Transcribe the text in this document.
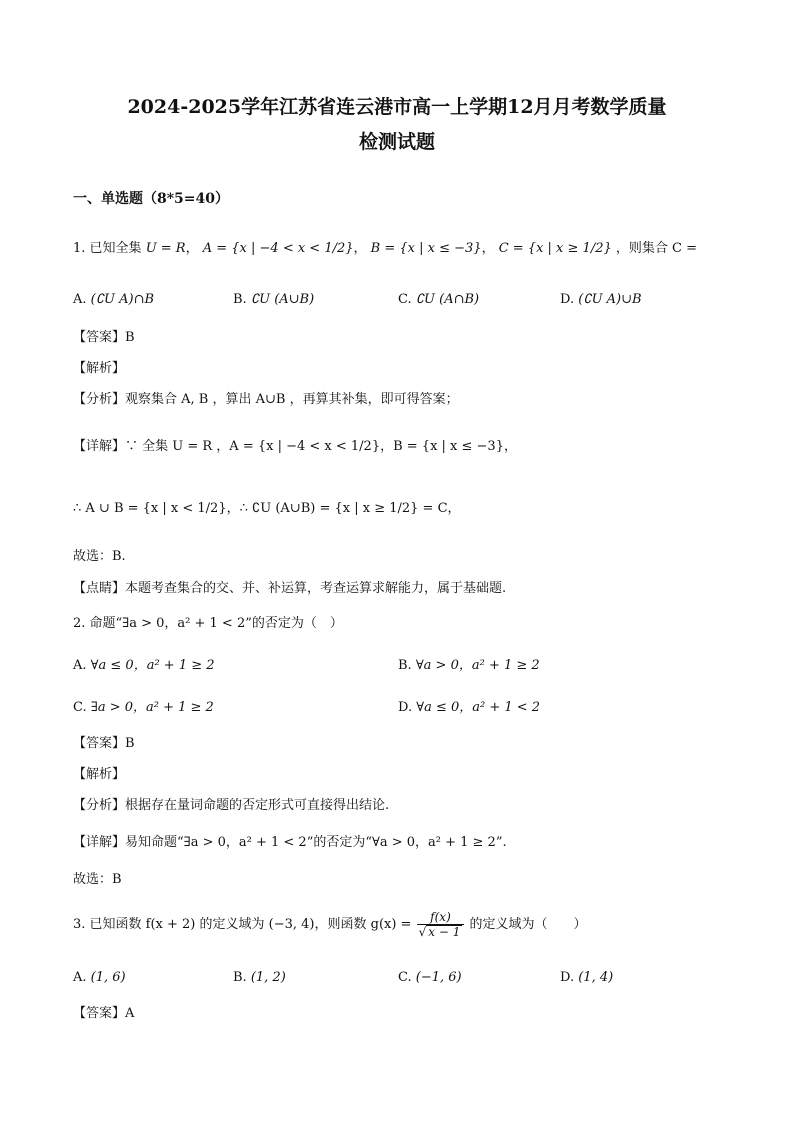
2024-2025学年江苏省连云港市高一上学期12月月考数学质量
检测试题
一、单选题（8*5=40）
1. 已知全集 U = R， A = {x | −4 < x < 1/2}， B = {x | x ≤ −3}， C = {x | x ≥ 1/2} ，则集合 C =
A. (∁U A)∩B	B. ∁U (A∪B)	C. ∁U (A∩B)	D. (∁U A)∪B
【答案】B
【解析】
【分析】观察集合 A, B ，算出 A∪B ，再算其补集，即可得答案；
【详解】∵ 全集 U = R ，A = {x | −4 < x < 1/2}，B = {x | x ≤ −3}，
∴ A ∪ B = {x | x < 1/2}，∴ ∁U (A∪B) = {x | x ≥ 1/2} = C，
故选：B.
【点睛】本题考查集合的交、并、补运算，考查运算求解能力，属于基础题.
2. 命题“∃a > 0，a² + 1 < 2”的否定为（　）
A. ∀a ≤ 0，a² + 1 ≥ 2	B. ∀a > 0，a² + 1 ≥ 2
C. ∃a > 0，a² + 1 ≥ 2	D. ∀a ≤ 0，a² + 1 < 2
【答案】B
【解析】
【分析】根据存在量词命题的否定形式可直接得出结论.
【详解】易知命题“∃a > 0，a² + 1 < 2”的否定为“∀a > 0，a² + 1 ≥ 2”.
故选：B
3. 已知函数 f(x + 2) 的定义域为 (−3, 4)，则函数 $g(x) = \frac{f(x)}{√ x - 1}$ 的定义域为（　　）
A. (1, 6)	B. (1, 2)	C. (−1, 6)	D. (1, 4)
【答案】A
